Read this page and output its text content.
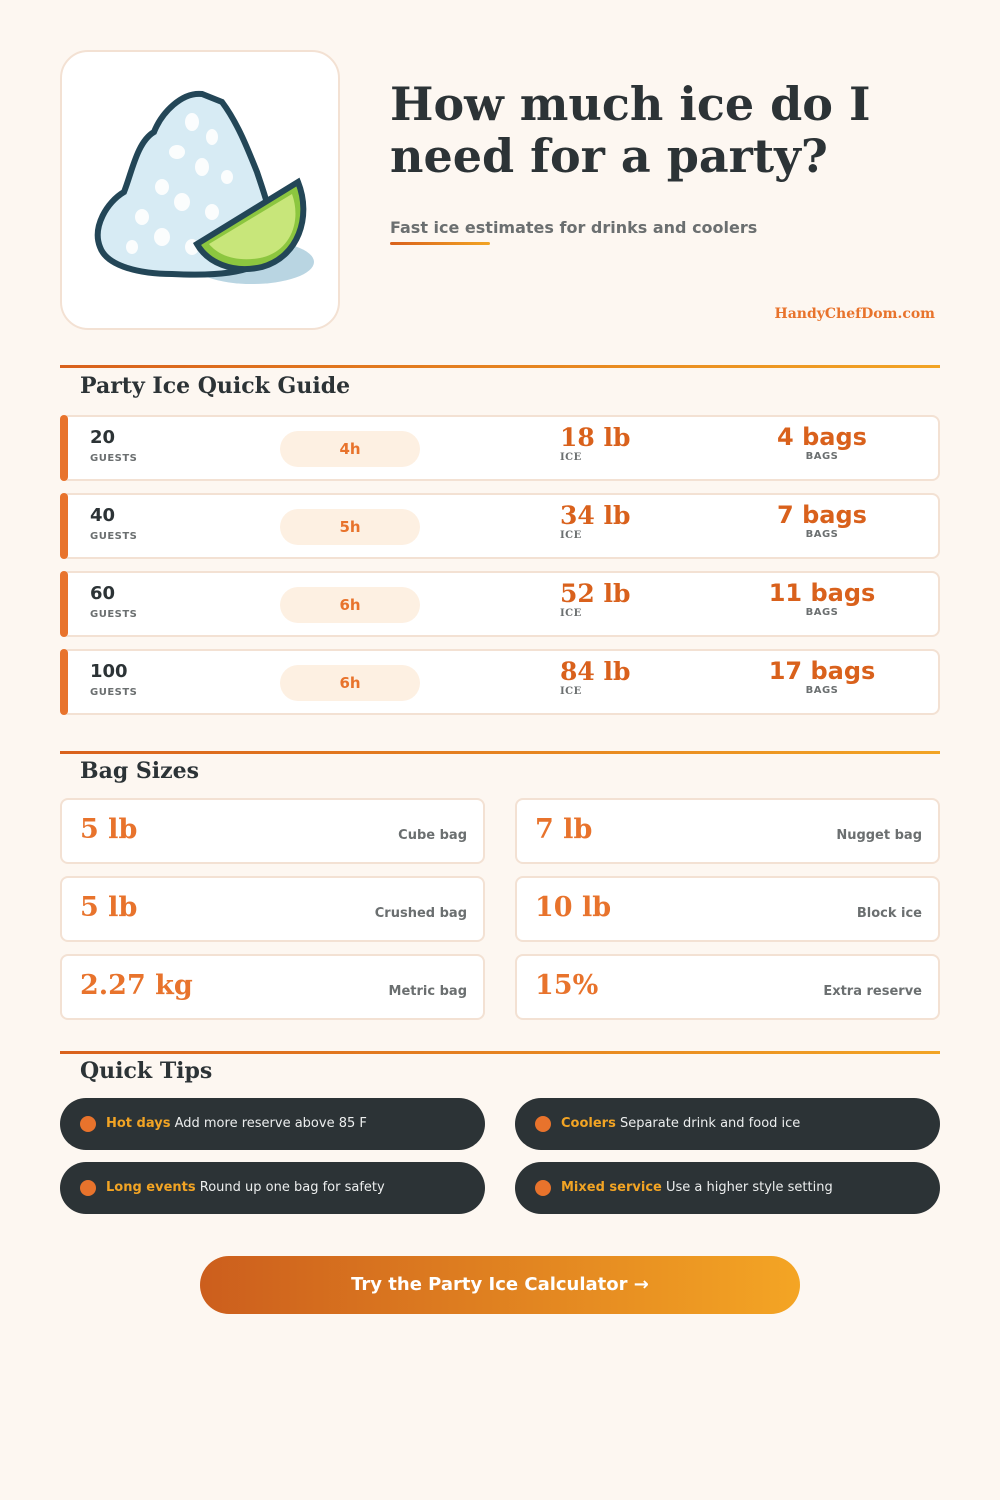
How much ice do I need for a party?
Fast ice estimates for drinks and coolers
HandyChefDom.com
Party Ice Quick Guide
20
GUESTS
4h	18 lb
ICE
4 bags
BAGS
40
GUESTS
5h	34 lb
ICE
7 bags
BAGS
60
GUESTS
6h	52 lb
ICE
11 bags
BAGS
100
GUESTS
6h	84 lb
ICE
17 bags
BAGS
Bag Sizes
5 lb	Cube bag	7 lb	Nugget bag
5 lb	Crushed bag	10 lb	Block ice
2.27 kg	Metric bag	15%	Extra reserve
Quick Tips
Hot days Add more reserve above 85 F	Coolers Separate drink and food ice
Long events Round up one bag for safety	Mixed service Use a higher style setting
Try the Party Ice Calculator →
